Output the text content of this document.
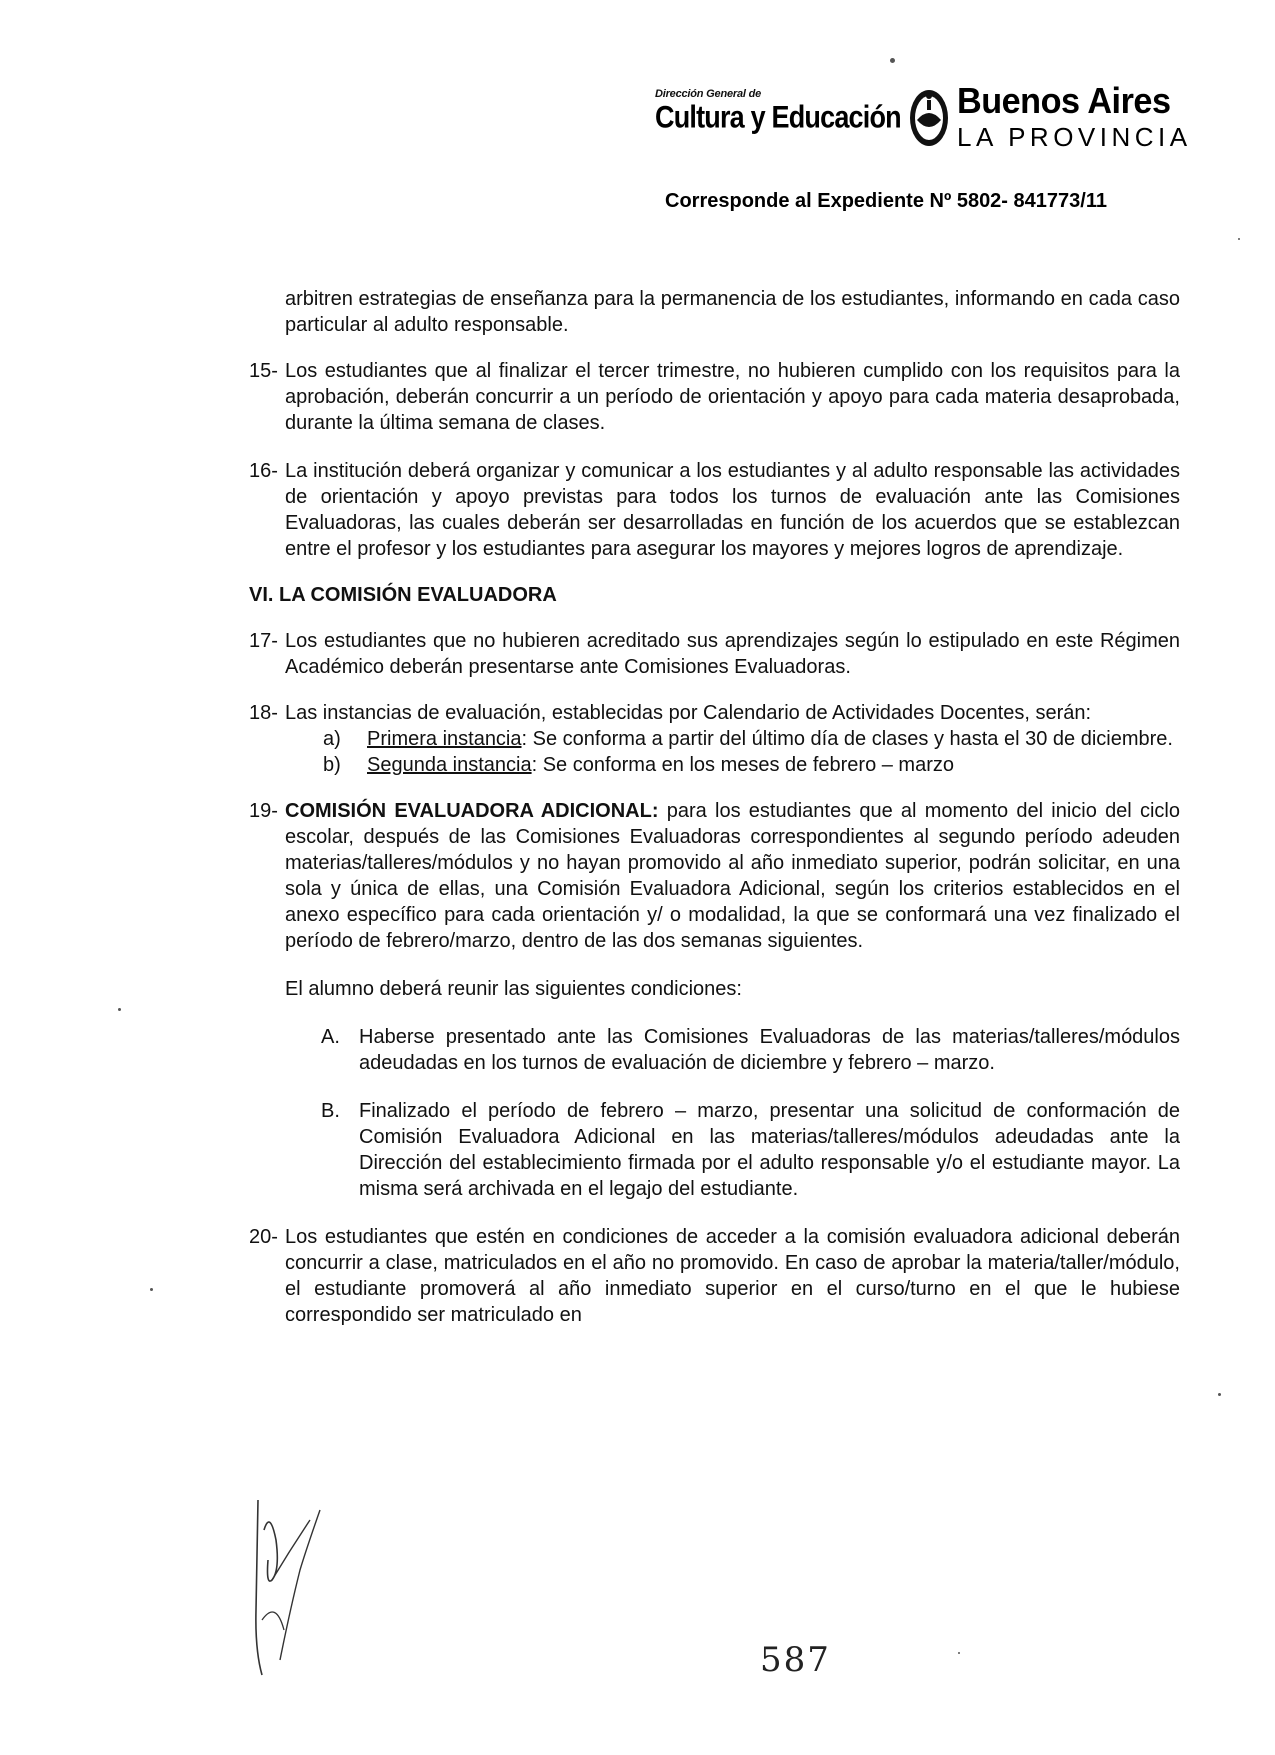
Dirección General de
Cultura y Educación Buenos Aires
LA PROVINCIA
Corresponde al Expediente Nº 5802- 841773/11

arbitren estrategias de enseñanza para la permanencia de los estudiantes, informando en cada caso particular al adulto responsable.

15- Los estudiantes que al finalizar el tercer trimestre, no hubieren cumplido con los requisitos para la aprobación, deberán concurrir a un período de orientación y apoyo para cada materia desaprobada, durante la última semana de clases.
16- La institución deberá organizar y comunicar a los estudiantes y al adulto responsable las actividades de orientación y apoyo previstas para todos los turnos de evaluación ante las Comisiones Evaluadoras, las cuales deberán ser desarrolladas en función de los acuerdos que se establezcan entre el profesor y los estudiantes para asegurar los mayores y mejores logros de aprendizaje.

VI. LA COMISIÓN EVALUADORA

17- Los estudiantes que no hubieren acreditado sus aprendizajes según lo estipulado en este Régimen Académico deberán presentarse ante Comisiones Evaluadoras.
18- Las instancias de evaluación, establecidas por Calendario de Actividades Docentes, serán:
a) Primera instancia: Se conforma a partir del último día de clases y hasta el 30 de diciembre.
b) Segunda instancia: Se conforma en los meses de febrero – marzo
19- COMISIÓN EVALUADORA ADICIONAL: para los estudiantes que al momento del inicio del ciclo escolar, después de las Comisiones Evaluadoras correspondientes al segundo período adeuden materias/talleres/módulos y no hayan promovido al año inmediato superior, podrán solicitar, en una sola y única de ellas, una Comisión Evaluadora Adicional, según los criterios establecidos en el anexo específico para cada orientación y/ o modalidad, la que se conformará una vez finalizado el período de febrero/marzo, dentro de las dos semanas siguientes.

El alumno deberá reunir las siguientes condiciones:

A. Haberse presentado ante las Comisiones Evaluadoras de las materias/talleres/módulos adeudadas en los turnos de evaluación de diciembre y febrero – marzo.
B. Finalizado el período de febrero – marzo, presentar una solicitud de conformación de Comisión Evaluadora Adicional en las materias/talleres/módulos adeudadas ante la Dirección del establecimiento firmada por el adulto responsable y/o el estudiante mayor. La misma será archivada en el legajo del estudiante.
20- Los estudiantes que estén en condiciones de acceder a la comisión evaluadora adicional deberán concurrir a clase, matriculados en el año no promovido. En caso de aprobar la materia/taller/módulo, el estudiante promoverá al año inmediato superior en el curso/turno en el que le hubiese correspondido ser matriculado en
587
